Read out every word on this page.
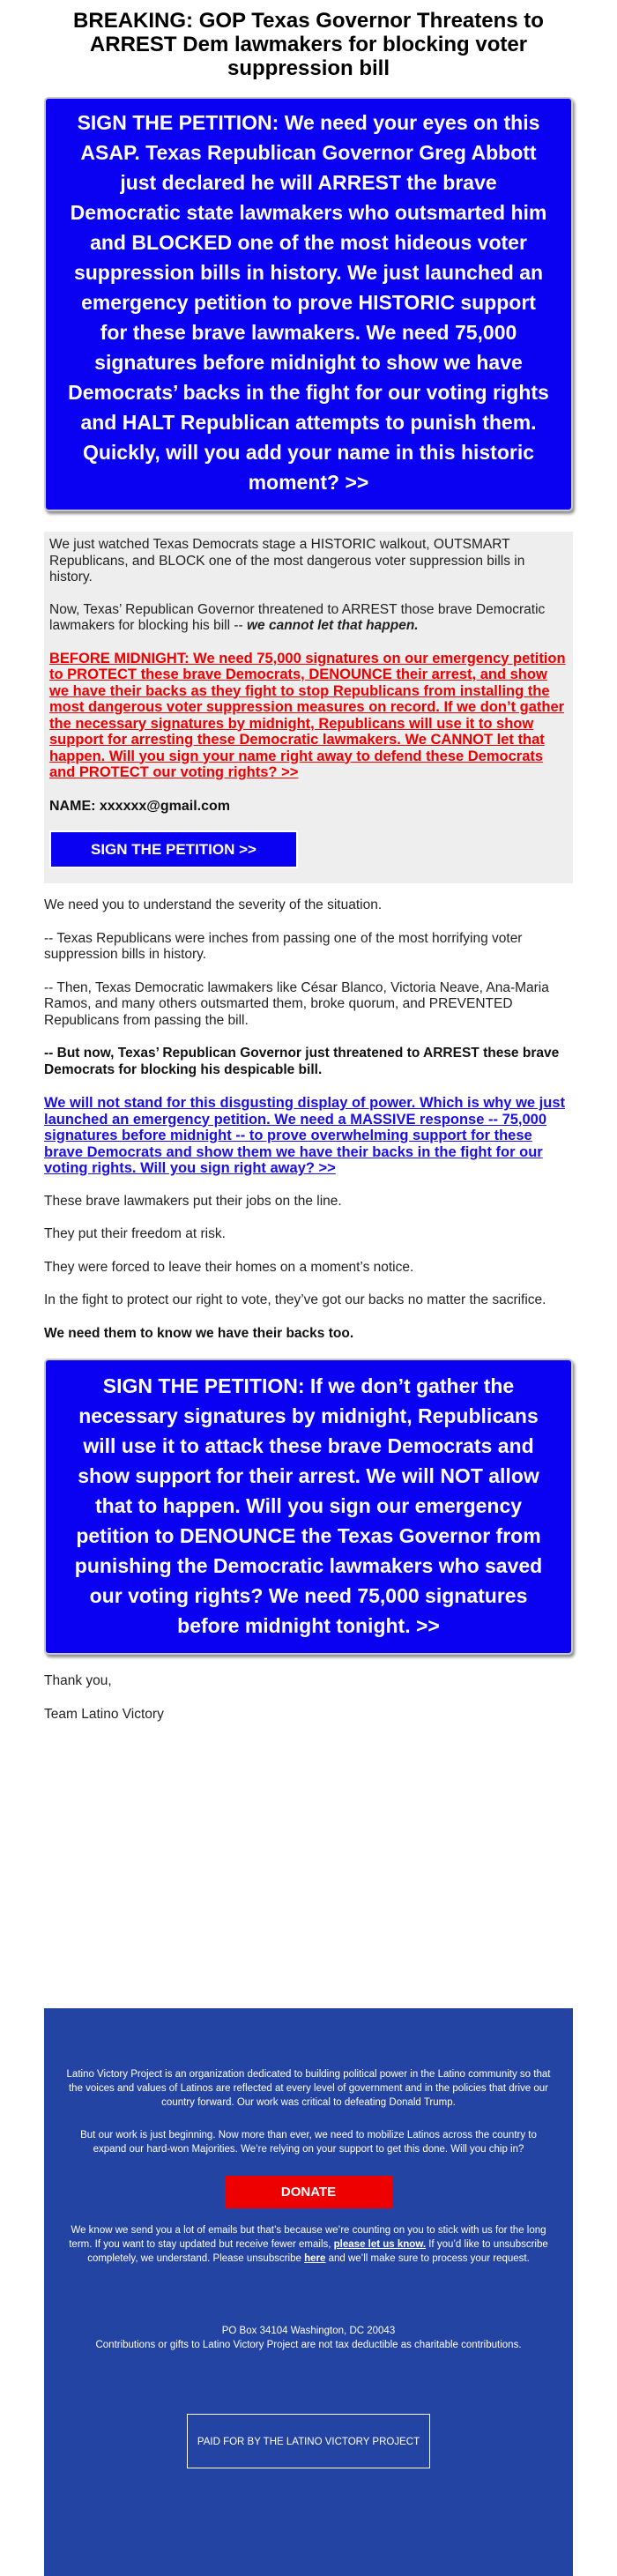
BREAKING: GOP Texas Governor Threatens to ARREST Dem lawmakers for blocking voter suppression bill
SIGN THE PETITION: We need your eyes on this ASAP. Texas Republican Governor Greg Abbott just declared he will ARREST the brave Democratic state lawmakers who outsmarted him and BLOCKED one of the most hideous voter suppression bills in history. We just launched an emergency petition to prove HISTORIC support for these brave lawmakers. We need 75,000 signatures before midnight to show we have Democrats’ backs in the fight for our voting rights and HALT Republican attempts to punish them. Quickly, will you add your name in this historic moment? >>

We just watched Texas Democrats stage a HISTORIC walkout, OUTSMART Republicans, and BLOCK one of the most dangerous voter suppression bills in history.

Now, Texas’ Republican Governor threatened to ARREST those brave Democratic lawmakers for blocking his bill -- we cannot let that happen.

BEFORE MIDNIGHT: We need 75,000 signatures on our emergency petition to PROTECT these brave Democrats, DENOUNCE their arrest, and show we have their backs as they fight to stop Republicans from installing the most dangerous voter suppression measures on record. If we don’t gather the necessary signatures by midnight, Republicans will use it to show support for arresting these Democratic lawmakers. We CANNOT let that happen. Will you sign your name right away to defend these Democrats and PROTECT our voting rights? >>
NAME: xxxxxx@gmail.com
SIGN THE PETITION >>

We need you to understand the severity of the situation.

-- Texas Republicans were inches from passing one of the most horrifying voter suppression bills in history.

-- Then, Texas Democratic lawmakers like César Blanco, Victoria Neave, Ana-Maria Ramos, and many others outsmarted them, broke quorum, and PREVENTED Republicans from passing the bill.

-- But now, Texas’ Republican Governor just threatened to ARREST these brave Democrats for blocking his despicable bill.

We will not stand for this disgusting display of power. Which is why we just launched an emergency petition. We need a MASSIVE response -- 75,000 signatures before midnight -- to prove overwhelming support for these brave Democrats and show them we have their backs in the fight for our voting rights. Will you sign right away? >>

These brave lawmakers put their jobs on the line.

They put their freedom at risk.

They were forced to leave their homes on a moment’s notice.

In the fight to protect our right to vote, they’ve got our backs no matter the sacrifice.

We need them to know we have their backs too.

SIGN THE PETITION: If we don’t gather the necessary signatures by midnight, Republicans will use it to attack these brave Democrats and show support for their arrest. We will NOT allow that to happen. Will you sign our emergency petition to DENOUNCE the Texas Governor from punishing the Democratic lawmakers who saved our voting rights? We need 75,000 signatures before midnight tonight. >>

Thank you,

Team Latino Victory

Latino Victory Project is an organization dedicated to building political power in the Latino community so that the voices and values of Latinos are reflected at every level of government and in the policies that drive our country forward. Our work was critical to defeating Donald Trump.

But our work is just beginning. Now more than ever, we need to mobilize Latinos across the country to expand our hard-won Majorities. We’re relying on your support to get this done. Will you chip in?

DONATE

We know we send you a lot of emails but that’s because we’re counting on you to stick with us for the long term. If you want to stay updated but receive fewer emails, please let us know. If you’d like to unsubscribe completely, we understand. Please unsubscribe here and we’ll make sure to process your request.

PO Box 34104 Washington, DC 20043

Contributions or gifts to Latino Victory Project are not tax deductible as charitable contributions.

PAID FOR BY THE LATINO VICTORY PROJECT
